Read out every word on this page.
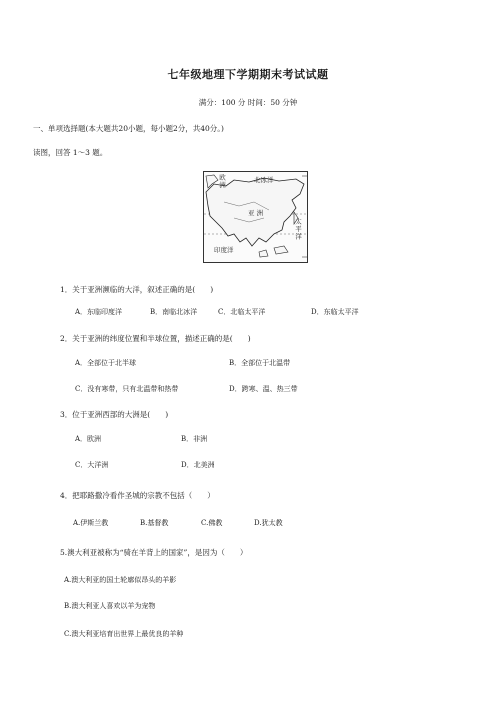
七年级地理下学期期末考试试题
满分：100 分 时间：50 分钟
一、单项选择题(本大题共20小题，每小题2分，共40分。)
读图，回答 1～3 题。
欧洲	北冰洋
亚 洲
太平洋
印度洋
1．关于亚洲濒临的大洋，叙述正确的是(　　)
A．东临印度洋	B．南临北冰洋	C．北临太平洋	D．东临太平洋
2．关于亚洲的纬度位置和半球位置，描述正确的是(　　)
A．全部位于北半球	B．全部位于北温带
C．没有寒带，只有北温带和热带	D．跨寒、温、热三带
3．位于亚洲西部的大洲是(　　)
A．欧洲	B．非洲
C．大洋洲	D．北美洲
4．把耶路撒冷看作圣城的宗教不包括（　　）
A.伊斯兰教	B.基督教	C.佛教	D.犹太教
5.澳大利亚被称为“骑在羊背上的国家”，是因为（　　）
A.澳大利亚的国土轮廓似昂头的羊影
B.澳大利亚人喜欢以羊为宠物
C.澳大利亚培育出世界上最优良的羊种
